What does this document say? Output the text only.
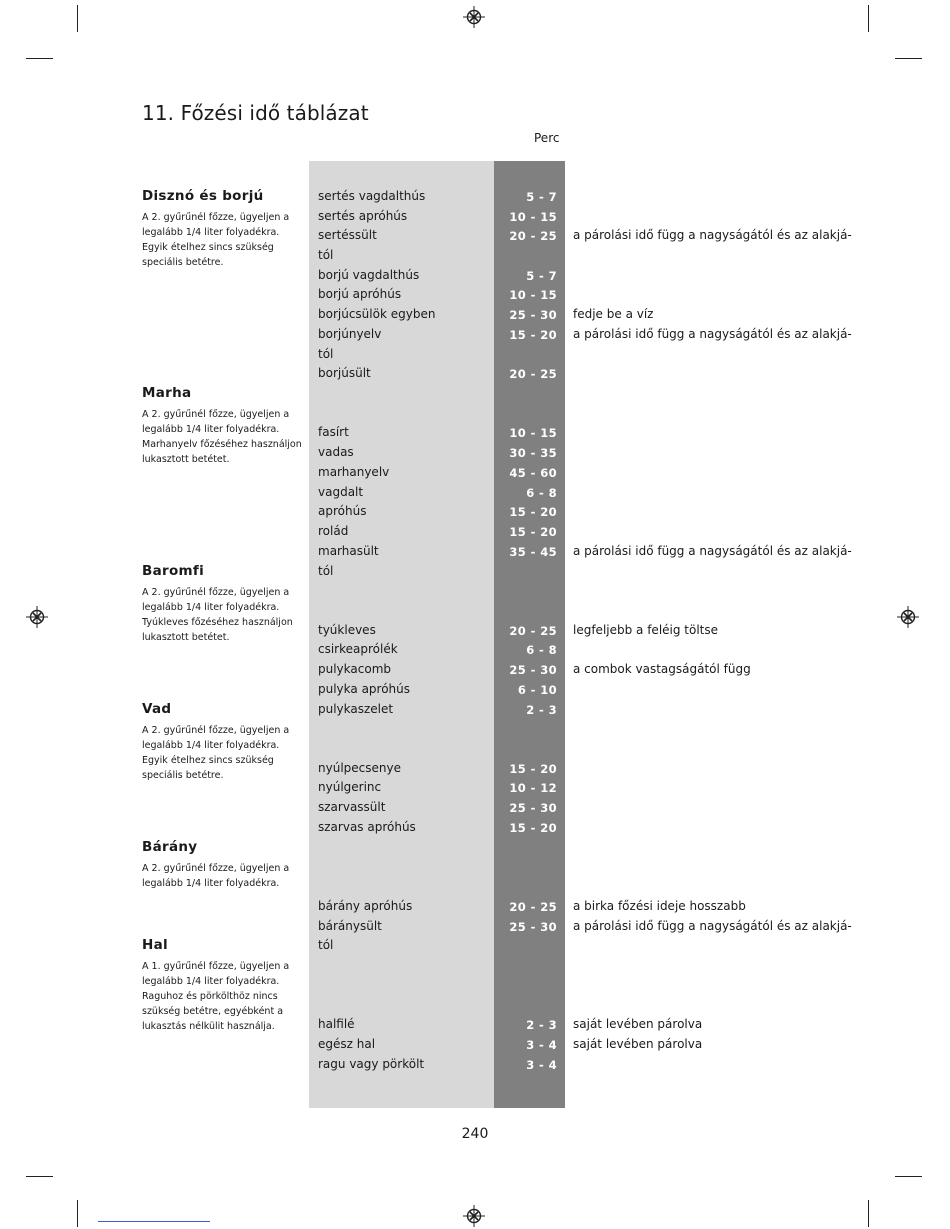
11. Főzési idő táblázat
Perc
Disznó és borjú
A 2. gyűrűnél főzze, ügyeljen a legalább 1/4 liter folyadékra. Egyik ételhez sincs szükség speciális betétre.
Marha
A 2. gyűrűnél főzze, ügyeljen a legalább 1/4 liter folyadékra. Marhanyelv főzéséhez használjon lukasztott betétet.
Baromfi
A 2. gyűrűnél főzze, ügyeljen a legalább 1/4 liter folyadékra. Tyúkleves főzéséhez használjon lukasztott betétet.
Vad
A 2. gyűrűnél főzze, ügyeljen a legalább 1/4 liter folyadékra. Egyik ételhez sincs szükség speciális betétre.
Bárány
A 2. gyűrűnél főzze, ügyeljen a legalább 1/4 liter folyadékra.
Hal
A 1. gyűrűnél főzze, ügyeljen a legalább 1/4 liter folyadékra. Raguhoz és pörkölthöz nincs szükség betétre, egyébként a lukasztás nélkülit használja.
sertés vagdalthús	5 - 7
sertés apróhús	10 - 15
sertéssült	20 - 25 a párolási idő függ a nagyságától és az alakjá-
tól
borjú vagdalthús	5 - 7
borjú apróhús	10 - 15
borjúcsülök egyben	25 - 30 fedje be a víz
borjúnyelv	15 - 20 a párolási idő függ a nagyságától és az alakjá-
tól
borjúsült	20 - 25
fasírt	10 - 15
vadas	30 - 35
marhanyelv	45 - 60
vagdalt	6 - 8
apróhús	15 - 20
rolád	15 - 20
marhasült	35 - 45 a párolási idő függ a nagyságától és az alakjá-
tól
tyúkleves	20 - 25 legfeljebb a feléig töltse
csirkeaprólék	6 - 8
pulykacomb	25 - 30 a combok vastagságától függ
pulyka apróhús	6 - 10
pulykaszelet	2 - 3
nyúlpecsenye	15 - 20
nyúlgerinc	10 - 12
szarvassült	25 - 30
szarvas apróhús	15 - 20
bárány apróhús	20 - 25 a birka főzési ideje hosszabb
báránysült	25 - 30 a párolási idő függ a nagyságától és az alakjá-
tól
halfilé	2 - 3 saját levében párolva
egész hal	3 - 4 saját levében párolva
ragu vagy pörkölt	3 - 4
240
